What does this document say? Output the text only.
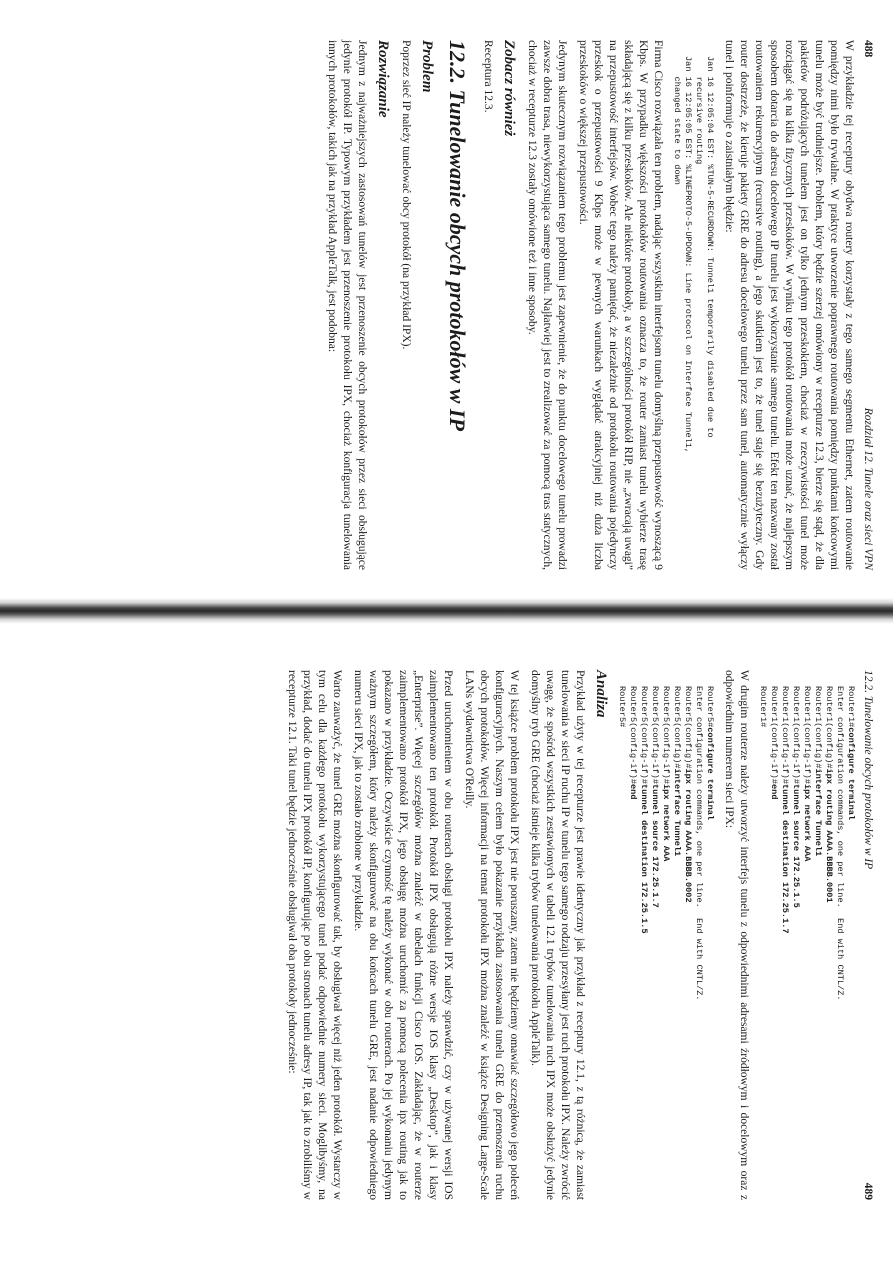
488
Rozdział 12. Tunele oraz sieci VPN

W przykładzie tej receptury obydwa routery korzystały z tego samego segmentu Ethernet, zatem routowanie pomiędzy nimi było trywialne. W praktyce utworzenie poprawnego routowania pomiędzy punktami końcowymi tunelu może być trudniejsze. Problem, który będzie szerzej omówiony w recepturze 12.3, bierze się stąd, że dla pakietów podróżujących tunelem jest on tylko jednym przeskokiem, chociaż w rzeczywistości tunel może rozciągać się na kilka fizycznych przeskoków. W wyniku tego protokół routowania może uznać, że najlepszym sposobem dotarcia do adresu docelowego IP tunelu jest wykorzystanie samego tunelu. Efekt ten nazwany został routowaniem rekurencyjnym (recursive routing), a jego skutkiem jest to, że tunel staje się bezużyteczny. Gdy router dostrzeże, że kieruje pakiety GRE do adresu docelowego tunelu przez sam tunel, automatycznie wyłączy tunel i poinformuje o zaistniałym błędzie:

Jan 16 12:05:04 EST: %TUN-5-RECURDOWN: Tunnel1 temporarily disabled due to
recursive routing
Jan 16 12:05:05 EST: %LINEPROTO-5-UPDOWN: Line protocol on Interface Tunnel1,
changed state to down

Firma Cisco rozwiązała ten problem, nadając wszystkim interfejsom tunelu domyślną przepustowość wynoszącą 9 Kbps. W przypadku większości protokołów routowania oznacza to, że router zamiast tunelu wybierze trasę składającą się z kilku przeskoków. Ale niektóre protokoły, a w szczególności protokół RIP, nie „zwracają uwagi” na przepustowość interfejsów. Wobec tego należy pamiętać, że niezależnie od protokołu routowania pojedynczy przeskok o przepustowości 9 Kbps może w pewnych warunkach wyglądać atrakcyjniej niż duża liczba przeskoków o większej przepustowości.

Jedynym skutecznym rozwiązaniem tego problemu jest zapewnienie, że do punktu docelowego tunelu prowadzi zawsze dobra trasa, niewykorzystująca samego tunelu. Najłatwiej jest to zrealizować za pomocą tras statycznych, chociaż w recepturze 12.3 zostały omówione też i inne sposoby.

Zobacz również

Receptura 12.3.

12.2. Tunelowanie obcych protokołów w IP
Problem

Poprzez sieć IP należy tunelować obcy protokół (na przykład IPX).

Rozwiązanie

Jednym z najważniejszych zastosowań tunelów jest przenoszenie obcych protokołów przez sieci obsługujące jedynie protokół IP. Typowym przykładem jest przenoszenie protokołu IPX, chociaż konfiguracja tunelowania innych protokołów, takich jak na przykład AppleTalk, jest podobna:

12.2. Tunelowanie obcych protokołów w IP
489
Router1#configure terminal
Enter configuration commands, one per line.  End with CNTL/Z.
Router1(config)#ipx routing AAAA.BBBB.0001
Router1(config)#interface Tunnel1
Router1(config-if)#ipx network AAA
Router1(config-if)#tunnel source 172.25.1.5
Router1(config-if)#tunnel destination 172.25.1.7
Router1(config-if)#end
Router1#

W drugim routerze należy utworzyć interfejs tunelu z odpowiednimi adresami źródłowym i docelowym oraz z odpowiednim numerem sieci IPX:

Router5#configure terminal
Enter configuration commands, one per line.  End with CNTL/Z.
Router5(config)#ipx routing AAAA.BBBB.0002
Router5(config)#interface Tunnel1
Router5(config-if)#ipx network AAA
Router5(config-if)#tunnel source 172.25.1.7
Router5(config-if)#tunnel destination 172.25.1.5
Router5(config-if)#end
Router5#
Analiza

Przykład użyty w tej recepturze jest prawie identyczny jak przykład z receptury 12.1, z tą różnicą, że zamiast tunelowania w sieci IP ruchu IP w tunelu tego samego rodzaju przesyłany jest ruch protokołu IPX. Należy zwrócić uwagę, że spośród wszystkich zestawionych w tabeli 12.1 trybów tunelowania ruch IPX może obsłużyć jedynie domyślny tryb GRE (chociaż istnieje kilka trybów tunelowania protokołu AppleTalk).

W tej książce problem protokołu IPX jest nie poruszany, zatem nie będziemy omawiać szczegółowo jego poleceń konfiguracyjnych. Naszym celem było pokazanie przykładu zastosowania tunelu GRE do przenoszenia ruchu obcych protokołów. Więcej informacji na temat protokołu IPX można znaleźć w książce Designing Large-Scale LANs wydawnictwa O'Reilly.

Przed uruchomieniem w obu routerach obsługi protokołu IPX należy sprawdzić, czy w używanej wersji IOS zaimplementowano ten protokół. Protokół IPX obsługują różne wersje IOS klasy „Desktop”, jak i klasy „Enterprise”. Więcej szczegółów można znaleźć w tabelach funkcji Cisco IOS. Zakładając, że w routerze zaimplementowano protokół IPX, jego obsługę można uruchomić za pomocą polecenia ipx routing jak to pokazano w przykładzie. Oczywiście czynność tę należy wykonać w obu routerach. Po jej wykonaniu jedynym ważnym szczegółem, który należy skonfigurować na obu końcach tunelu GRE, jest nadanie odpowiedniego numeru sieci IPX, jak to zostało zrobione w przykładzie.

Warto zauważyć, że tunel GRE można skonfigurować tak, by obsługiwał więcej niż jeden protokół. Wystarczy w tym celu dla każdego protokołu wykorzystującego tunel podać odpowiednie numery sieci. Moglibyśmy, na przykład, dodać do tunelu IPX protokół IP, konfigurując po obu stronach tunelu adresy IP, tak jak to zrobiliśmy w recepturze 12.1. Taki tunel będzie jednocześnie obsługiwał oba protokoły jednocześnie:
